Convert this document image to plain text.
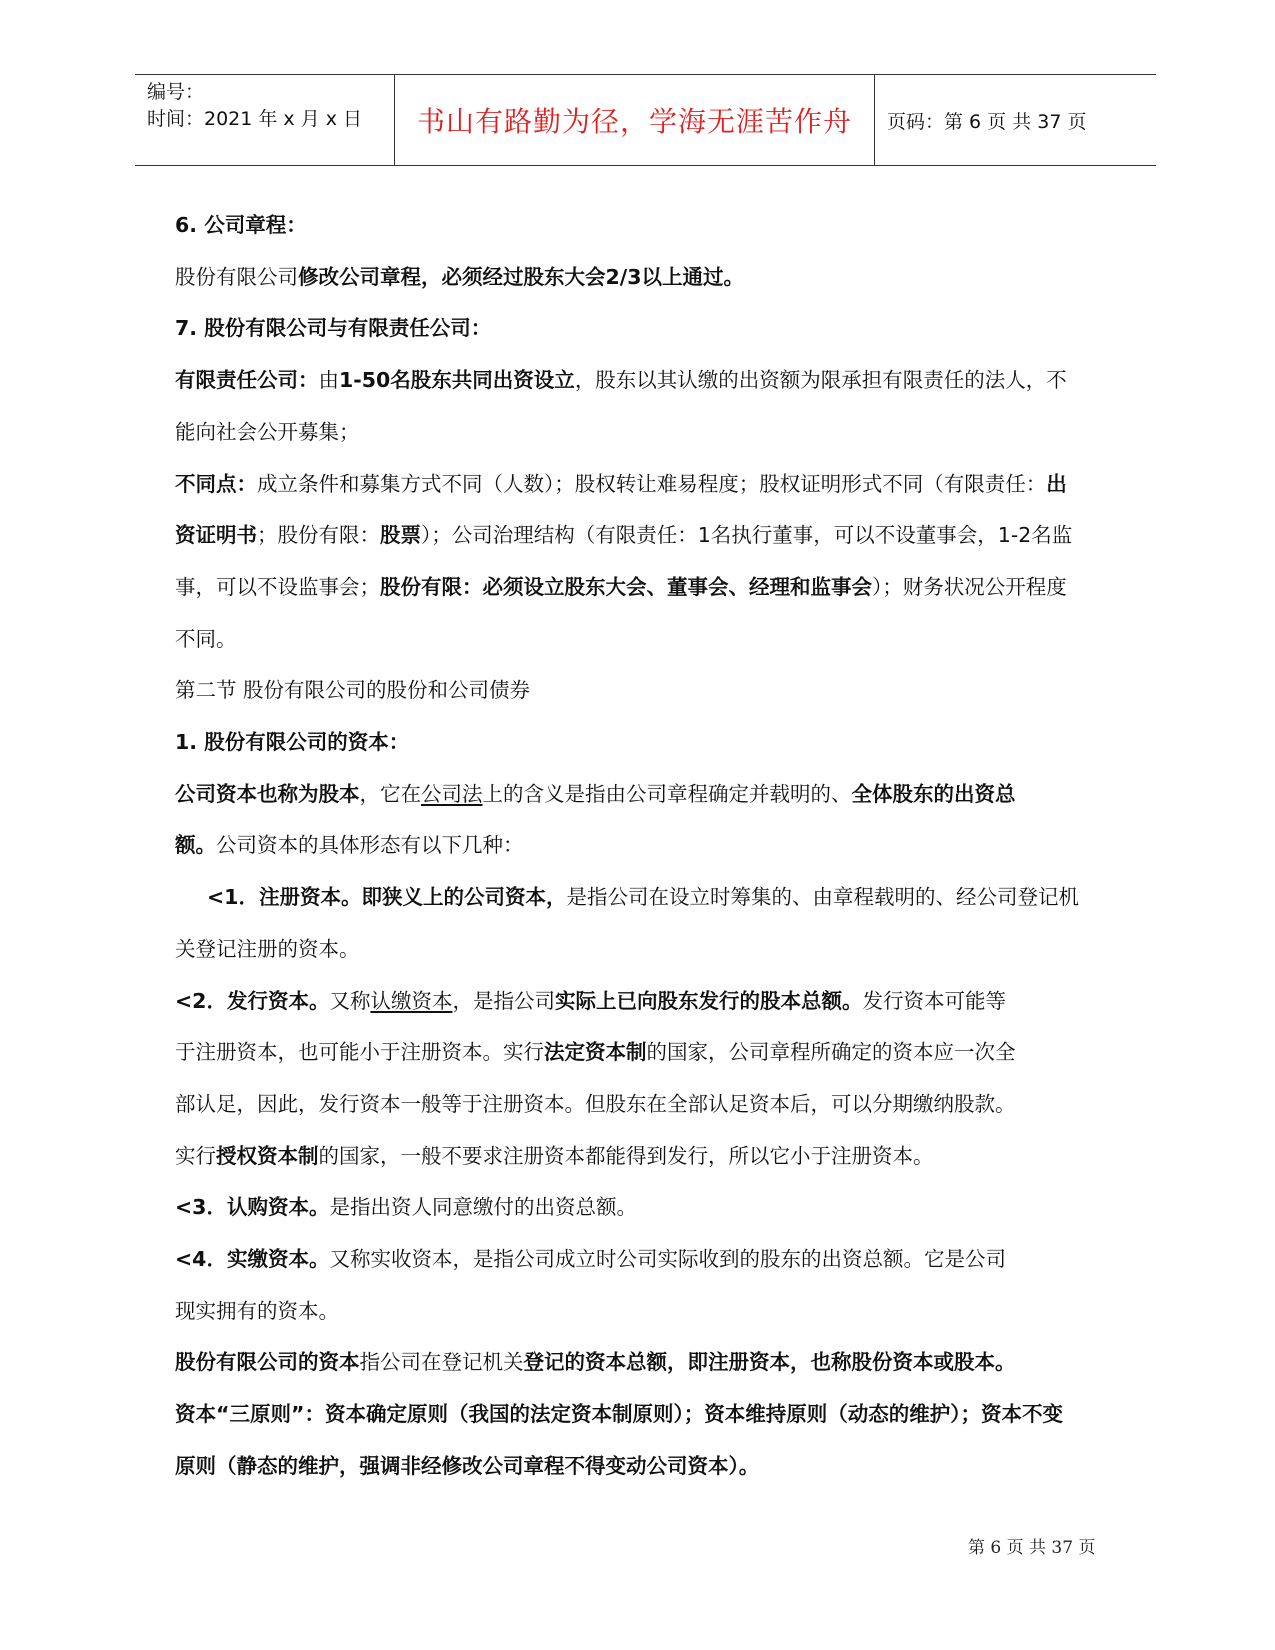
编号：
时间：2021 年 x 月 x 日	书山有路勤为径，学海无涯苦作舟 页码：第 6 页 共 37 页

6. 公司章程：

股份有限公司修改公司章程，必须经过股东大会2/3以上通过。

7. 股份有限公司与有限责任公司：

有限责任公司：由1-50名股东共同出资设立，股东以其认缴的出资额为限承担有限责任的法人，不

能向社会公开募集；

不同点：成立条件和募集方式不同（人数）；股权转让难易程度；股权证明形式不同（有限责任：出

资证明书；股份有限：股票）；公司治理结构（有限责任：1名执行董事，可以不设董事会，1-2名监

事，可以不设监事会；股份有限：必须设立股东大会、董事会、经理和监事会）；财务状况公开程度

不同。

第二节 股份有限公司的股份和公司债券

1. 股份有限公司的资本：

公司资本也称为股本，它在公司法上的含义是指由公司章程确定并载明的、全体股东的出资总

额。公司资本的具体形态有以下几种：

<1．注册资本。即狭义上的公司资本，是指公司在设立时筹集的、由章程载明的、经公司登记机

关登记注册的资本。

<2．发行资本。又称认缴资本，是指公司实际上已向股东发行的股本总额。发行资本可能等

于注册资本，也可能小于注册资本。实行法定资本制的国家，公司章程所确定的资本应一次全

部认足，因此，发行资本一般等于注册资本。但股东在全部认足资本后，可以分期缴纳股款。

实行授权资本制的国家，一般不要求注册资本都能得到发行，所以它小于注册资本。

<3．认购资本。是指出资人同意缴付的出资总额。

<4．实缴资本。又称实收资本，是指公司成立时公司实际收到的股东的出资总额。它是公司

现实拥有的资本。

股份有限公司的资本指公司在登记机关登记的资本总额，即注册资本，也称股份资本或股本。

资本“三原则”：资本确定原则（我国的法定资本制原则）；资本维持原则（动态的维护）；资本不变

原则（静态的维护，强调非经修改公司章程不得变动公司资本）。

第 6 页 共 37 页
